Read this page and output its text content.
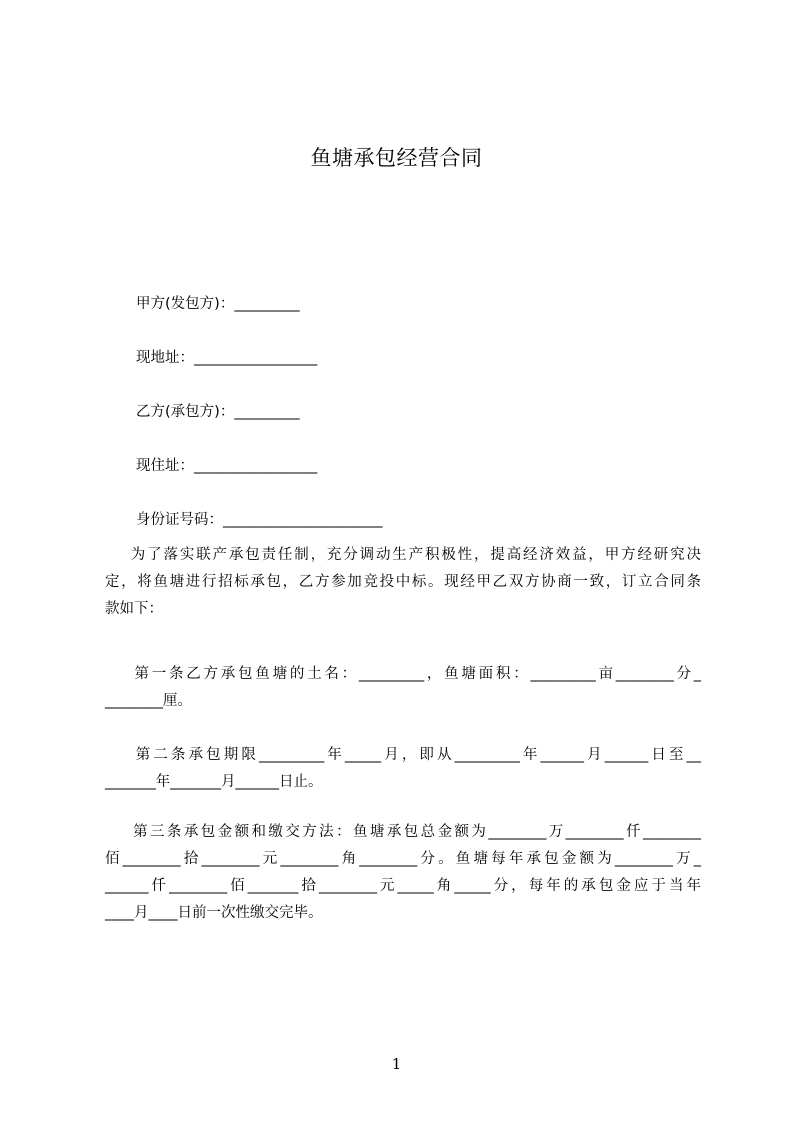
鱼塘承包经营合同
甲方(发包方)：_________
现地址：_________________
乙方(承包方)：_________
现住址：_________________
身份证号码：______________________
为了落实联产承包责任制，充分调动生产积极性，提高经济效益，甲方经研究决
定，将鱼塘进行招标承包，乙方参加竞投中标。现经甲乙双方协商一致，订立合同条
款如下：
第一条乙方承包鱼塘的土名：_________，鱼塘面积：_________亩________分_
________厘。
第二条承包期限_________年_____月，即从_________年______月______日至__
_______年_______月______日止。
第三条承包金额和缴交方法：鱼塘承包总金额为________万________仟________
佰________拾________元________角________分。鱼塘每年承包金额为________万_
______仟________佰_______拾________元_____角_____分，每年的承包金应于当年
____月____日前一次性缴交完毕。
1
